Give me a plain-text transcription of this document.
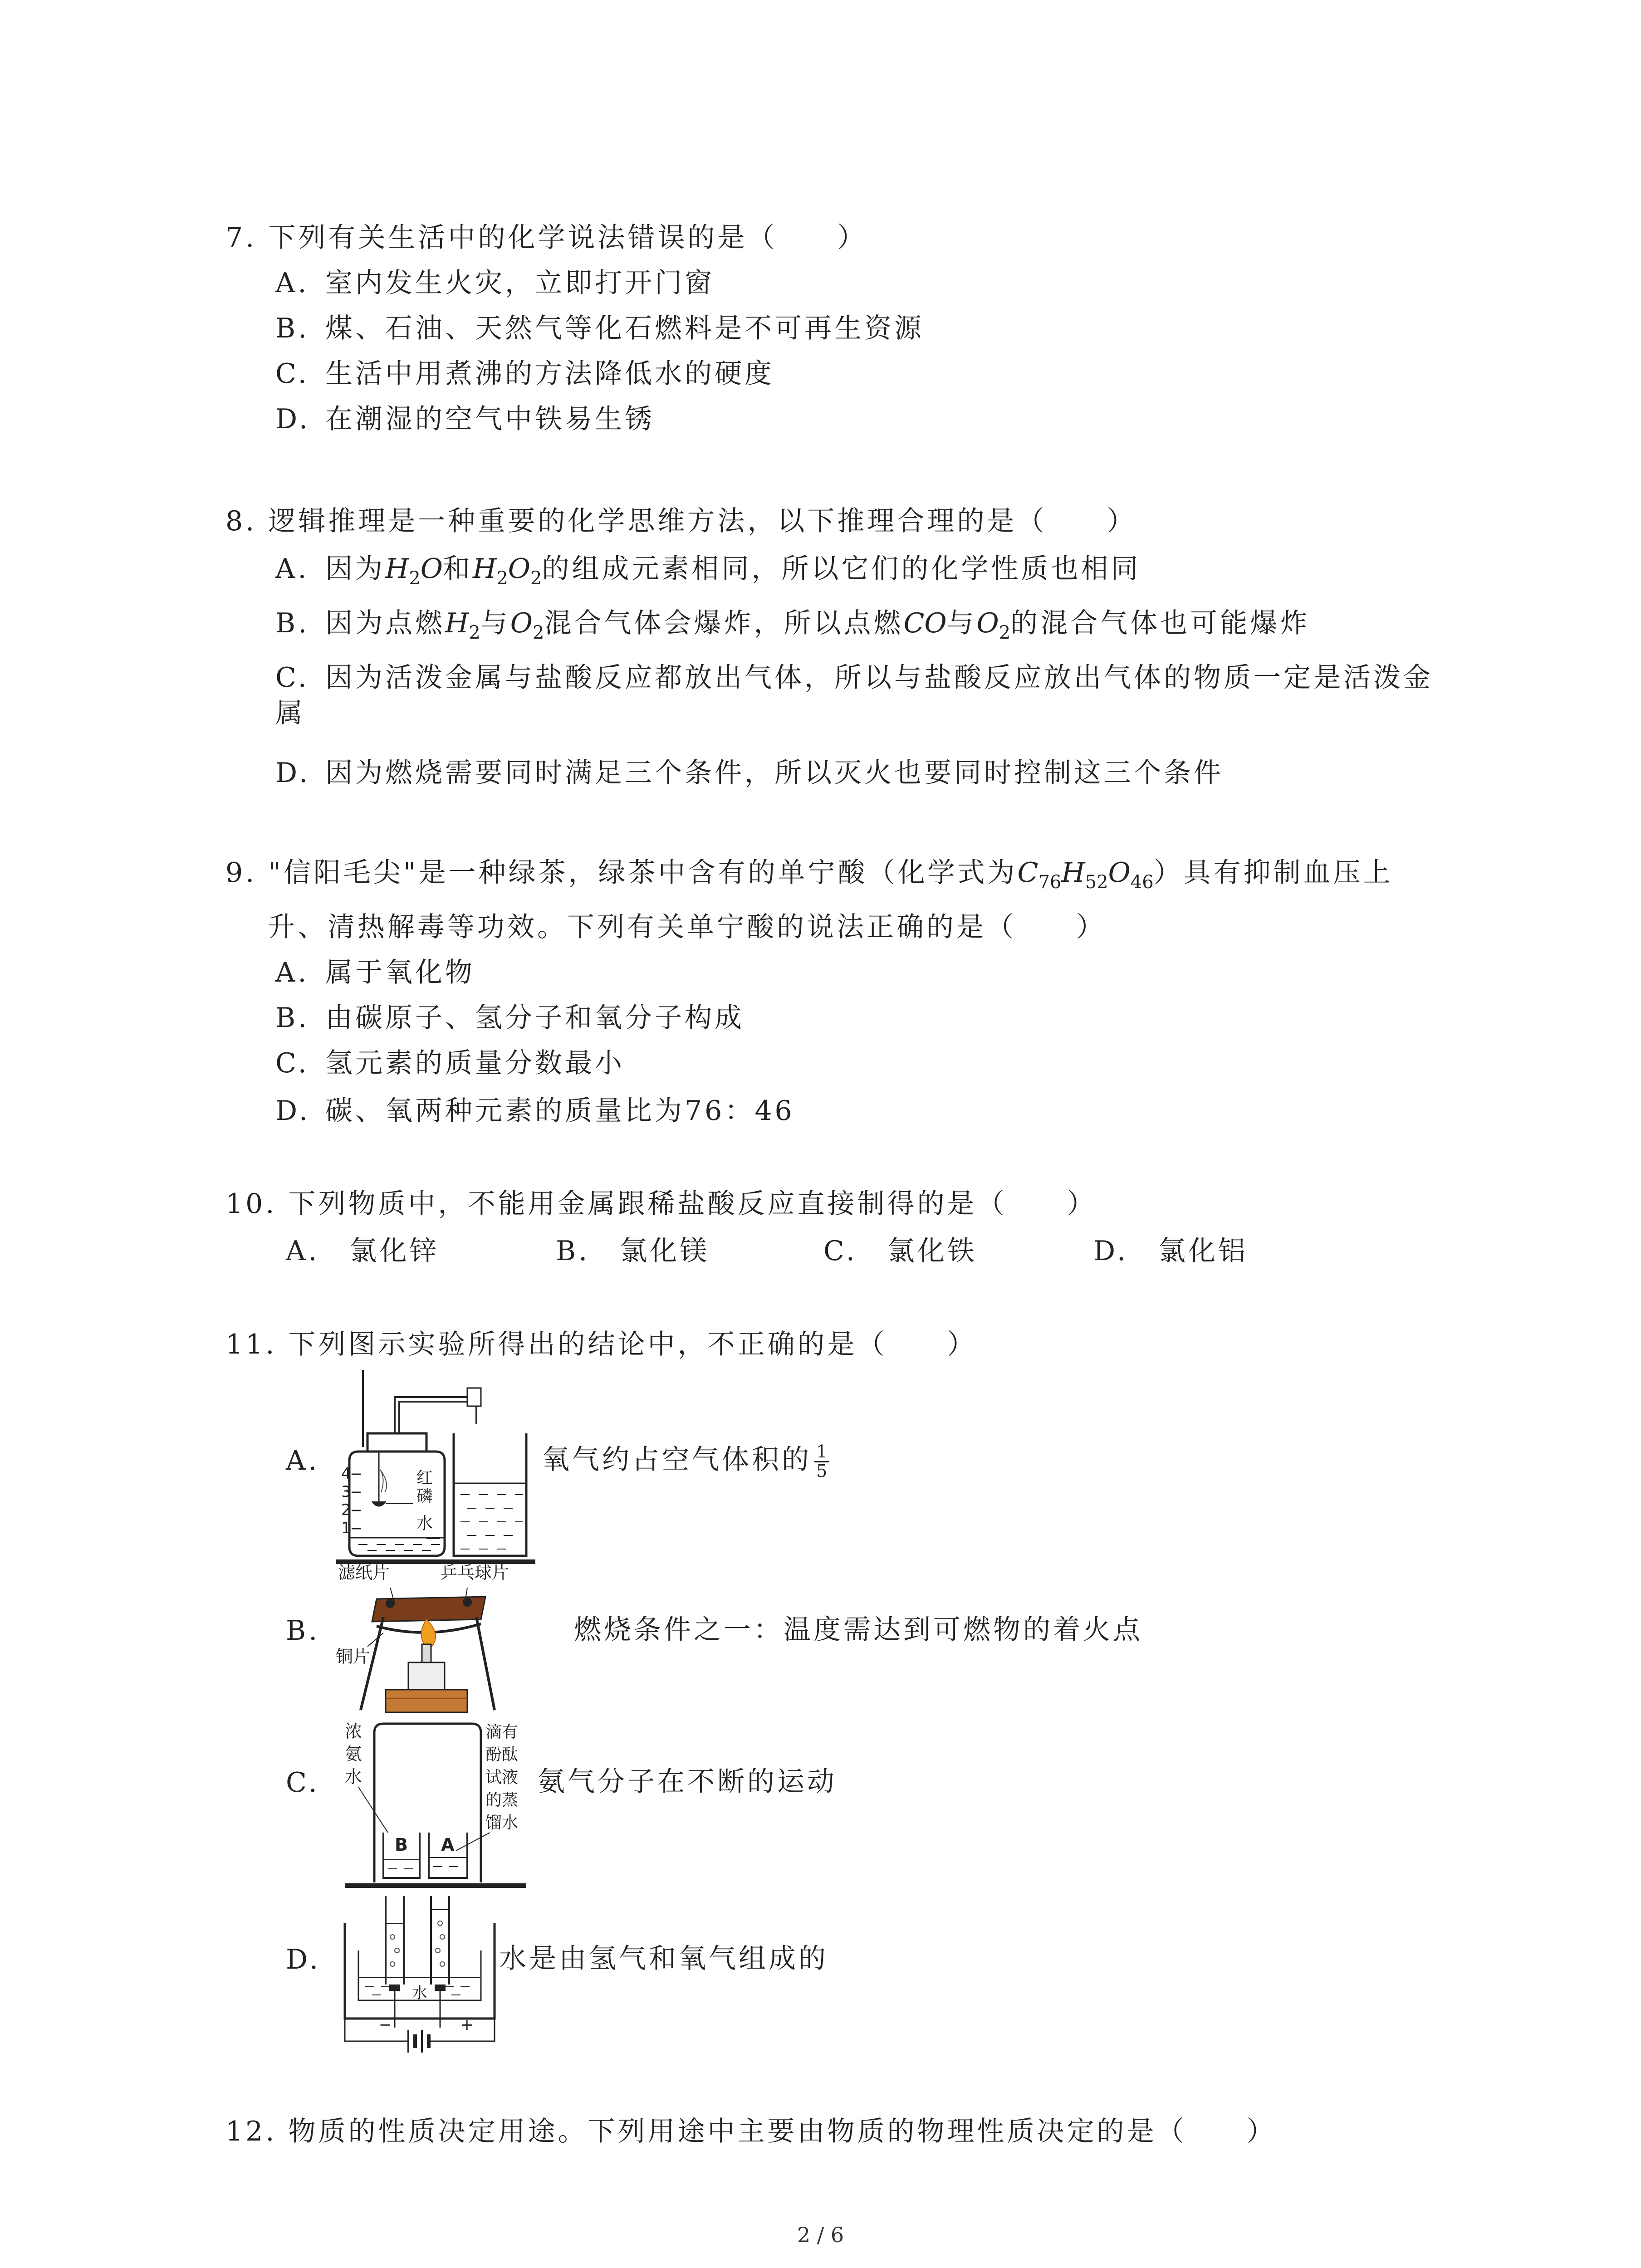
7. 下列有关生活中的化学说法错误的是（　　）
A. 室内发生火灾，立即打开门窗
B. 煤、石油、天然气等化石燃料是不可再生资源
C. 生活中用煮沸的方法降低水的硬度
D. 在潮湿的空气中铁易生锈
8. 逻辑推理是一种重要的化学思维方法，以下推理合理的是（　　）
A. 因为$H_2O$和$H_2O_2$的组成元素相同，所以它们的化学性质也相同
B. 因为点燃$H_2$与$O_2$混合气体会爆炸，所以点燃CO与$O_2$的混合气体也可能爆炸
C. 因为活泼金属与盐酸反应都放出气体，所以与盐酸反应放出气体的物质一定是活泼金属
D. 因为燃烧需要同时满足三个条件，所以灭火也要同时控制这三个条件
9. "信阳毛尖"是一种绿茶，绿茶中含有的单宁酸（化学式为$C_{76}H_{52}O_{46}$）具有抑制血压上
升、清热解毒等功效。下列有关单宁酸的说法正确的是（　　）
A. 属于氧化物
B. 由碳原子、氢分子和氧分子构成
C. 氢元素的质量分数最小
D. 碳、氧两种元素的质量比为76：46
10. 下列物质中，不能用金属跟稀盐酸反应直接制得的是（　　）
A.　氯化锌	B.　氯化镁	C.　氯化铁	D.　氯化铝
11. 下列图示实验所得出的结论中，不正确的是（　　）
A. 4
3
2
1
红
磷
水
氧气约占空气体积的 $\frac{1}{5}$
B.
滤纸片	乒乓球片
铜片
燃烧条件之一：温度需达到可燃物的着火点
C.
浓
氨
水
滴有
酚酞
试液
的蒸
馏水
B A
氨气分子在不断的运动
D.
水
−	+
水是由氢气和氧气组成的
12. 物质的性质决定用途。下列用途中主要由物质的物理性质决定的是（　　）
2 / 6
